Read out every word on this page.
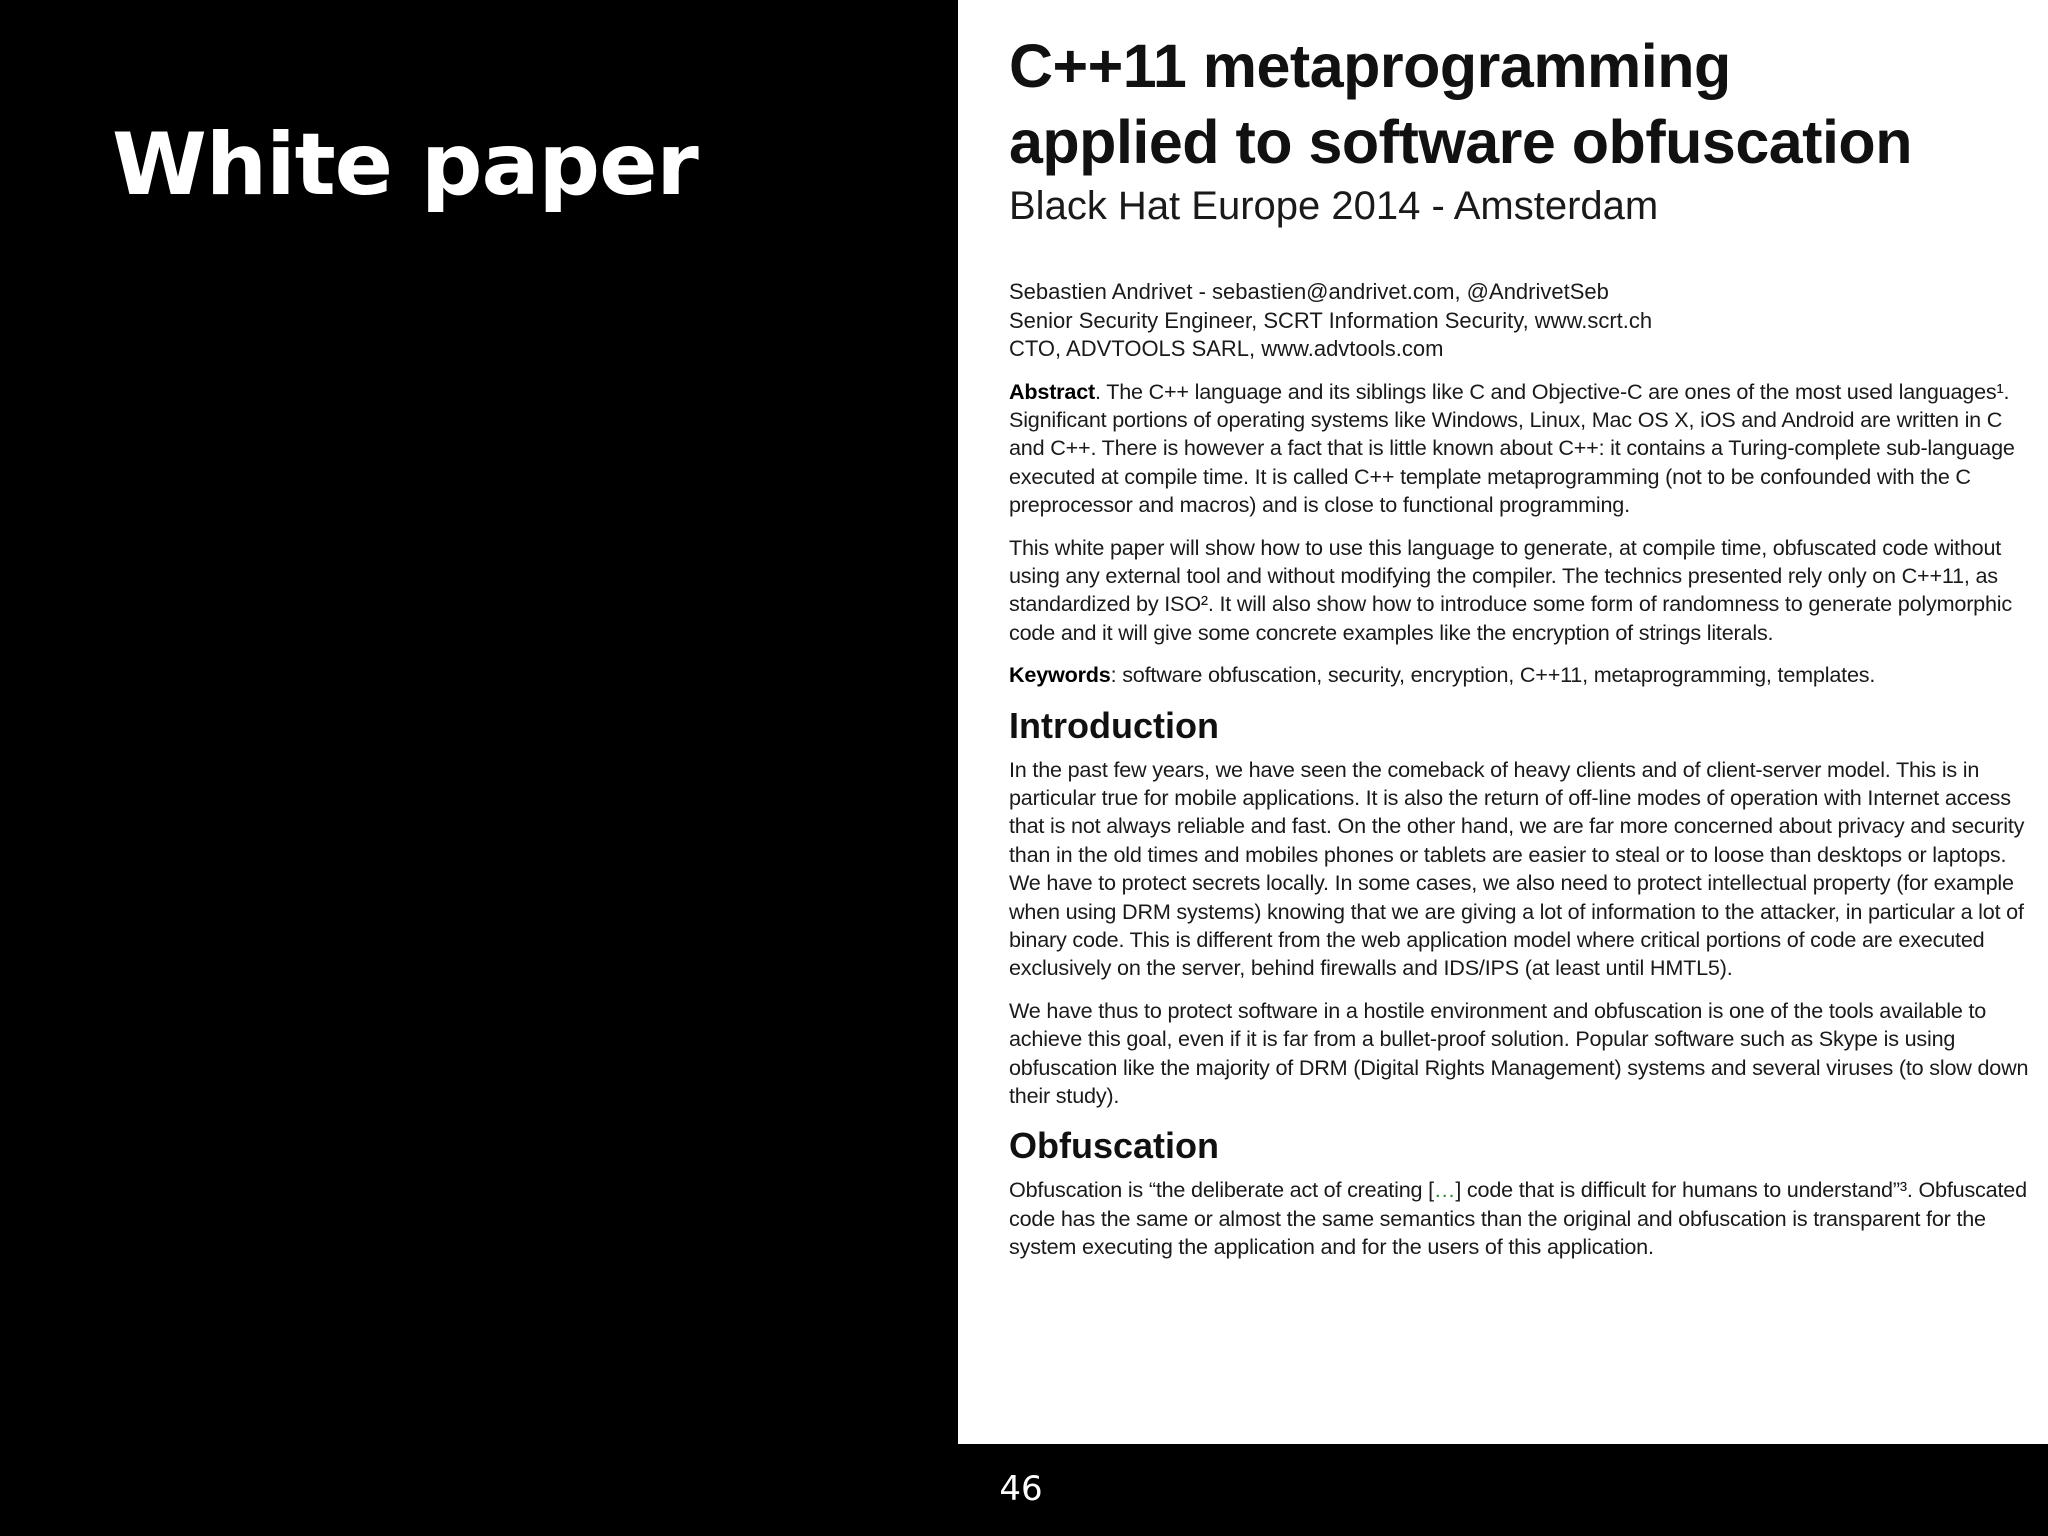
White paper
C++11 metaprogramming
applied to software obfuscation
Black Hat Europe 2014 - Amsterdam
Sebastien Andrivet - sebastien@andrivet.com, @AndrivetSeb
Senior Security Engineer, SCRT Information Security, www.scrt.ch
CTO, ADVTOOLS SARL, www.advtools.com

Abstract. The C++ language and its siblings like C and Objective-C are ones of the most used languages¹. Significant portions of operating systems like Windows, Linux, Mac OS X, iOS and Android are written in C and C++. There is however a fact that is little known about C++: it contains a Turing-complete sub-language executed at compile time. It is called C++ template metaprogramming (not to be confounded with the C preprocessor and macros) and is close to functional programming.

This white paper will show how to use this language to generate, at compile time, obfuscated code without using any external tool and without modifying the compiler. The technics presented rely only on C++11, as standardized by ISO². It will also show how to introduce some form of randomness to generate polymorphic code and it will give some concrete examples like the encryption of strings literals.

Keywords: software obfuscation, security, encryption, C++11, metaprogramming, templates.

Introduction

In the past few years, we have seen the comeback of heavy clients and of client-server model. This is in particular true for mobile applications. It is also the return of off-line modes of operation with Internet access that is not always reliable and fast. On the other hand, we are far more concerned about privacy and security than in the old times and mobiles phones or tablets are easier to steal or to loose than desktops or laptops. We have to protect secrets locally. In some cases, we also need to protect intellectual property (for example when using DRM systems) knowing that we are giving a lot of information to the attacker, in particular a lot of binary code. This is different from the web application model where critical portions of code are executed exclusively on the server, behind firewalls and IDS/IPS (at least until HMTL5).

We have thus to protect software in a hostile environment and obfuscation is one of the tools available to achieve this goal, even if it is far from a bullet-proof solution. Popular software such as Skype is using obfuscation like the majority of DRM (Digital Rights Management) systems and several viruses (to slow down their study).

Obfuscation

Obfuscation is “the deliberate act of creating […] code that is difficult for humans to understand”³. Obfuscated code has the same or almost the same semantics than the original and obfuscation is transparent for the system executing the application and for the users of this application.

46
